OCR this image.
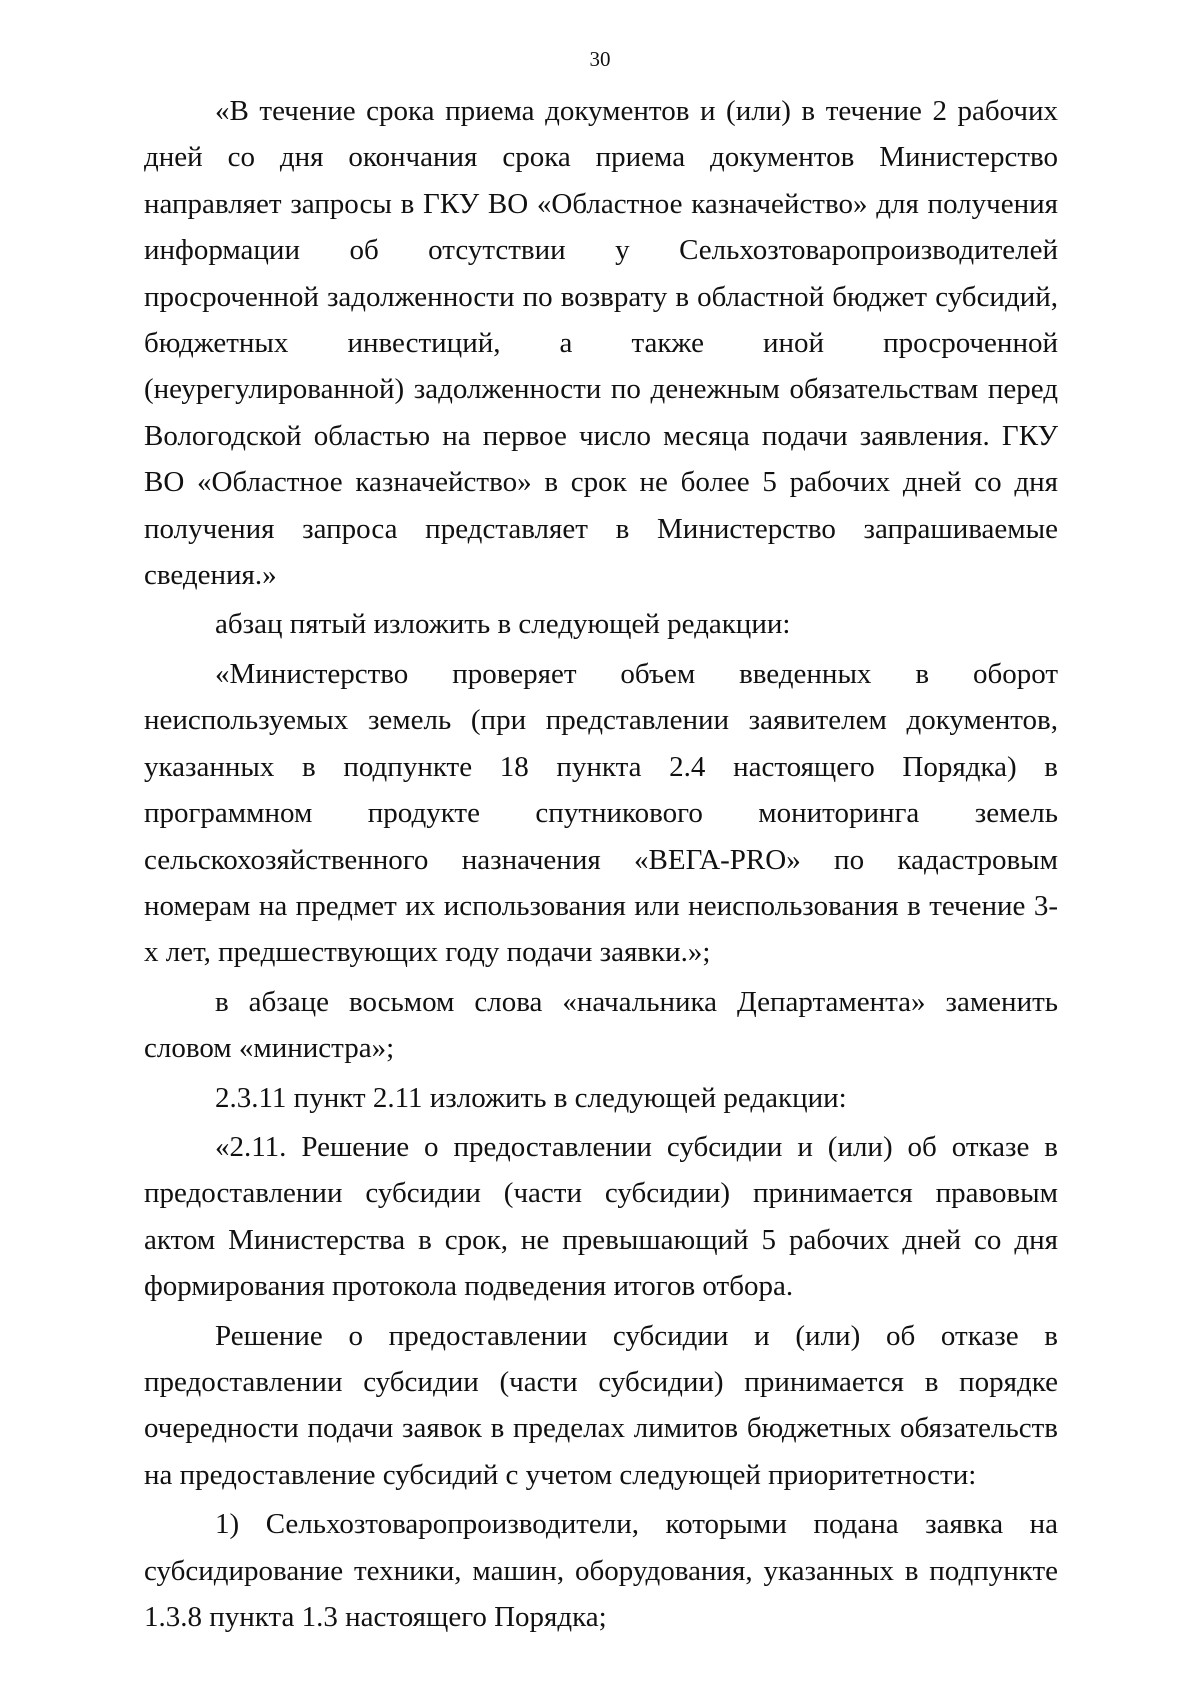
30

«В течение срока приема документов и (или) в течение 2 рабочих дней со дня окончания срока приема документов Министерство направляет запросы в ГКУ ВО «Областное казначейство» для получения информации об отсутствии у Сельхозтоваропроизводителей просроченной задолженности по возврату в областной бюджет субсидий, бюджетных инвестиций, а также иной просроченной (неурегулированной) задолженности по денежным обязательствам перед Вологодской областью на первое число месяца подачи заявления. ГКУ ВО «Областное казначейство» в срок не более 5 рабочих дней со дня получения запроса представляет в Министерство запрашиваемые сведения.»

абзац пятый изложить в следующей редакции:

«Министерство проверяет объем введенных в оборот неиспользуемых земель (при представлении заявителем документов, указанных в подпункте 18 пункта 2.4 настоящего Порядка) в программном продукте спутникового мониторинга земель сельскохозяйственного назначения «ВЕГА-PRO» по кадастровым номерам на предмет их использования или неиспользования в течение 3-х лет, предшествующих году подачи заявки.»;

в абзаце восьмом слова «начальника Департамента» заменить словом «министра»;

2.3.11 пункт 2.11 изложить в следующей редакции:

«2.11. Решение о предоставлении субсидии и (или) об отказе в предоставлении субсидии (части субсидии) принимается правовым актом Министерства в срок, не превышающий 5 рабочих дней со дня формирования протокола подведения итогов отбора.

Решение о предоставлении субсидии и (или) об отказе в предоставлении субсидии (части субсидии) принимается в порядке очередности подачи заявок в пределах лимитов бюджетных обязательств на предоставление субсидий с учетом следующей приоритетности:

1) Сельхозтоваропроизводители, которыми подана заявка на субсидирование техники, машин, оборудования, указанных в подпункте 1.3.8 пункта 1.3 настоящего Порядка;
